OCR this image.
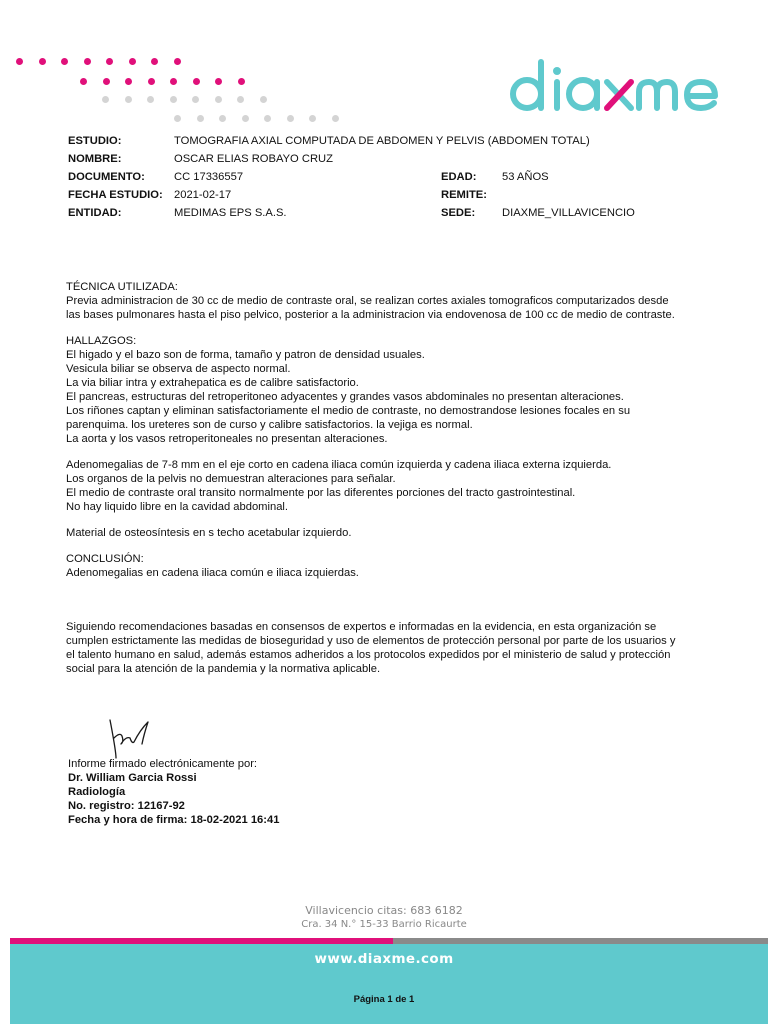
ESTUDIO:	TOMOGRAFIA AXIAL COMPUTADA DE ABDOMEN Y PELVIS (ABDOMEN TOTAL)		
NOMBRE:	OSCAR ELIAS ROBAYO CRUZ		
DOCUMENTO:	CC 17336557	EDAD:	53 AÑOS
FECHA ESTUDIO:	2021-02-17	REMITE:	
ENTIDAD:	MEDIMAS EPS S.A.S.	SEDE:	DIAXME_VILLAVICENCIO

TÉCNICA UTILIZADA:

Previa administracion de 30 cc de medio de contraste oral, se realizan cortes axiales tomograficos computarizados desde

las bases pulmonares hasta el piso pelvico, posterior a la administracion via endovenosa de 100 cc de medio de contraste.

HALLAZGOS:

El higado y el bazo son de forma, tamaño y patron de densidad usuales.

Vesicula biliar se observa de aspecto normal.

La via biliar intra y extrahepatica es de calibre satisfactorio.

El pancreas, estructuras del retroperitoneo adyacentes y grandes vasos abdominales no presentan alteraciones.

Los riñones captan y eliminan satisfactoriamente el medio de contraste, no demostrandose lesiones focales en su

parenquima. los ureteres son de curso y calibre satisfactorios. la vejiga es normal.

La aorta y los vasos retroperitoneales no presentan alteraciones.

Adenomegalias de 7-8 mm en el eje corto en cadena iliaca común izquierda y cadena iliaca externa izquierda.

Los organos de la pelvis no demuestran alteraciones para señalar.

El medio de contraste oral transito normalmente por las diferentes porciones del tracto gastrointestinal.

No hay liquido libre en la cavidad abdominal.

Material de osteosíntesis en s techo acetabular izquierdo.

CONCLUSIÓN:

Adenomegalias en cadena iliaca común e iliaca izquierdas.

Siguiendo recomendaciones basadas en consensos de expertos e informadas en la evidencia, en esta organización se

cumplen estrictamente las medidas de bioseguridad y uso de elementos de protección personal por parte de los usuarios y

el talento humano en salud, además estamos adheridos a los protocolos expedidos por el ministerio de salud y protección

social para la atención de la pandemia y la normativa aplicable.

Informe firmado electrónicamente por:
Dr. William Garcia Rossi
Radiología
No. registro: 12167-92
Fecha y hora de firma: 18-02-2021 16:41
Villavicencio citas: 683 6182
Cra. 34 N.° 15-33 Barrio Ricaurte
www.diaxme.com
Página 1 de 1
